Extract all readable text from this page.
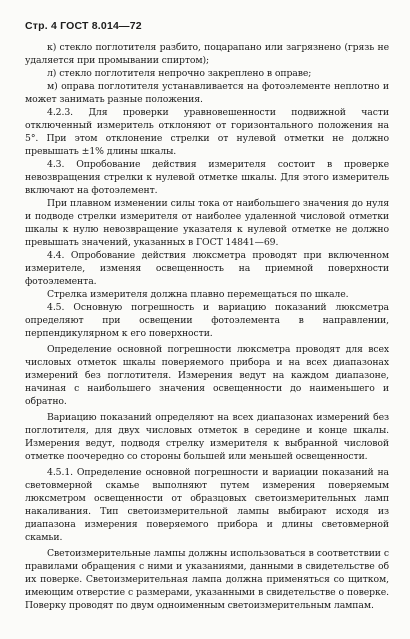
Стр. 4 ГОСТ 8.014—72

к) стекло поглотителя разбито, поцарапано или загрязнено (грязь не удаляется при промывании спиртом);

л) стекло поглотителя непрочно закреплено в оправе;

м) оправа поглотителя устанавливается на фотоэлементе неплотно и может занимать разные положения.

4.2.3. Для проверки уравновешенности подвижной части отключенный измеритель отклоняют от горизонтального положения на 5°. При этом отклонение стрелки от нулевой отметки не должно превышать ±1% длины шкалы.

4.3. Опробование действия измерителя состоит в проверке невозвращения стрелки к нулевой отметке шкалы. Для этого измеритель включают на фотоэлемент.

При плавном изменении силы тока от наибольшего значения до нуля и подводе стрелки измерителя от наиболее удаленной числовой отметки шкалы к нулю невозвращение указателя к нулевой отметке не должно превышать значений, указанных в ГОСТ 14841—69.

4.4. Опробование действия люксметра проводят при включенном измерителе, изменяя освещенность на приемной поверхности фотоэлемента.

Стрелка измерителя должна плавно перемещаться по шкале.

4.5. Основную погрешность и вариацию показаний люксметра определяют при освещении фотоэлемента в направлении, перпендикулярном к его поверхности.

Определение основной погрешности люксметра проводят для всех числовых отметок шкалы поверяемого прибора и на всех диапазонах измерений без поглотителя. Измерения ведут на каждом диапазоне, начиная с наибольшего значения освещенности до наименьшего и обратно.

Вариацию показаний определяют на всех диапазонах измерений без поглотителя, для двух числовых отметок в середине и конце шкалы. Измерения ведут, подводя стрелку измерителя к выбранной числовой отметке поочередно со стороны большей или меньшей освещенности.

4.5.1. Определение основной погрешности и вариации показаний на световмерной скамье выполняют путем измерения поверяемым люксметром освещенности от образцовых светоизмерительных ламп накаливания. Тип светоизмерительной лампы выбирают исходя из диапазона измерения поверяемого прибора и длины световмерной скамьи.

Светоизмерительные лампы должны использоваться в соответствии с правилами обращения с ними и указаниями, данными в свидетельстве об их поверке. Светоизмерительная лампа должна применяться со щитком, имеющим отверстие с размерами, указанными в свидетельстве о поверке. Поверку проводят по двум одноименным светоизмерительным лампам.
